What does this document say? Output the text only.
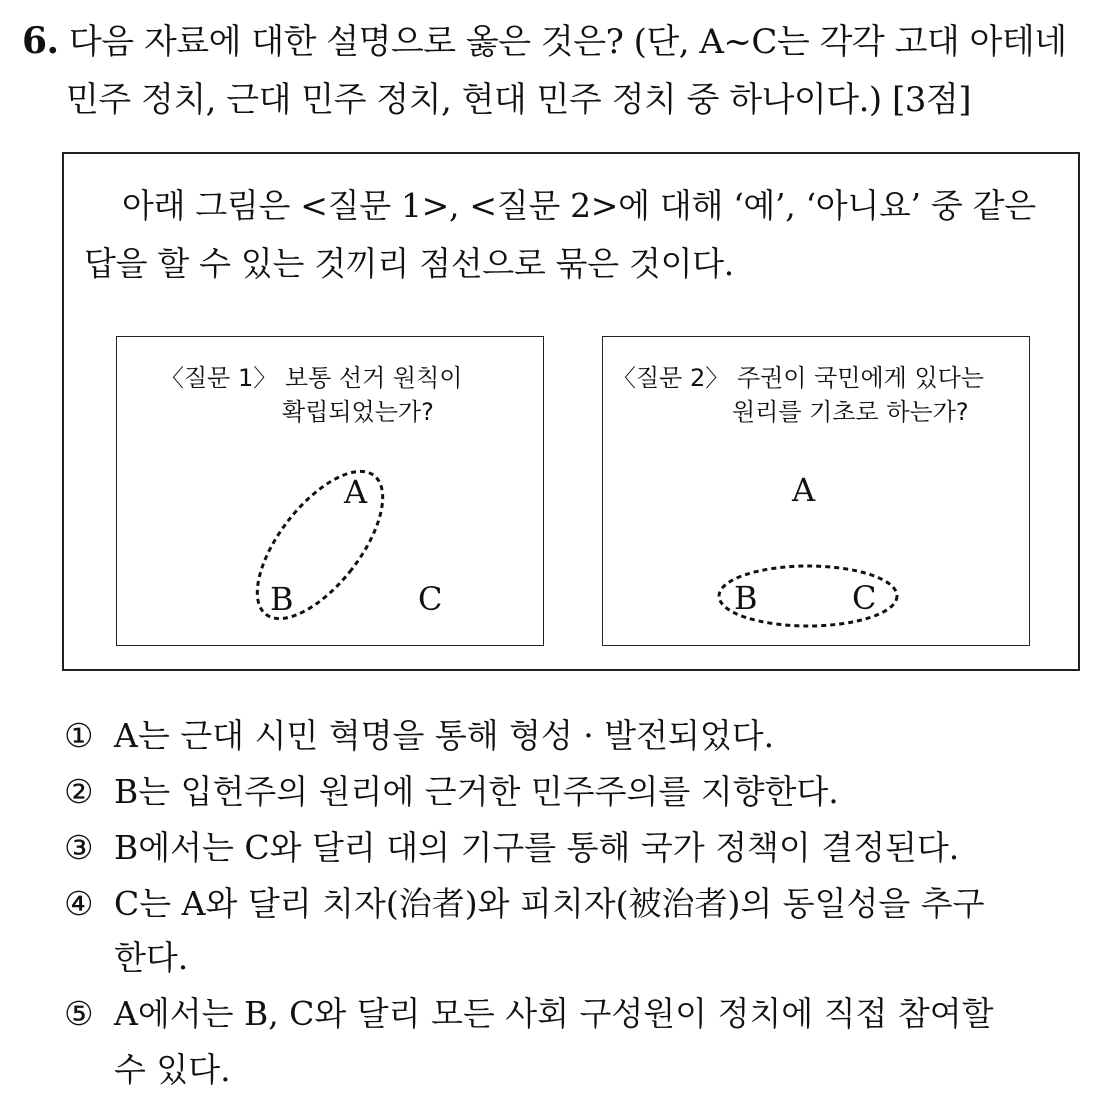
6. 다음 자료에 대한 설명으로 옳은 것은? (단, A~C는 각각 고대 아테네
민주 정치, 근대 민주 정치, 현대 민주 정치 중 하나이다.) [3점]
아래 그림은 <질문 1>, <질문 2>에 대해 ‘예’, ‘아니요’ 중 같은
답을 할 수 있는 것끼리 점선으로 묶은 것이다.
〈질문 1〉 보통 선거 원칙이
확립되었는가?
A
B	C
〈질문 2〉 주권이 국민에게 있다는
원리를 기초로 하는가?
A
B	C
① A는 근대 시민 혁명을 통해 형성 · 발전되었다.
② B는 입헌주의 원리에 근거한 민주주의를 지향한다.
③ B에서는 C와 달리 대의 기구를 통해 국가 정책이 결정된다.
④ C는 A와 달리 치자(治者)와 피치자(被治者)의 동일성을 추구
한다.
⑤ A에서는 B, C와 달리 모든 사회 구성원이 정치에 직접 참여할
수 있다.
